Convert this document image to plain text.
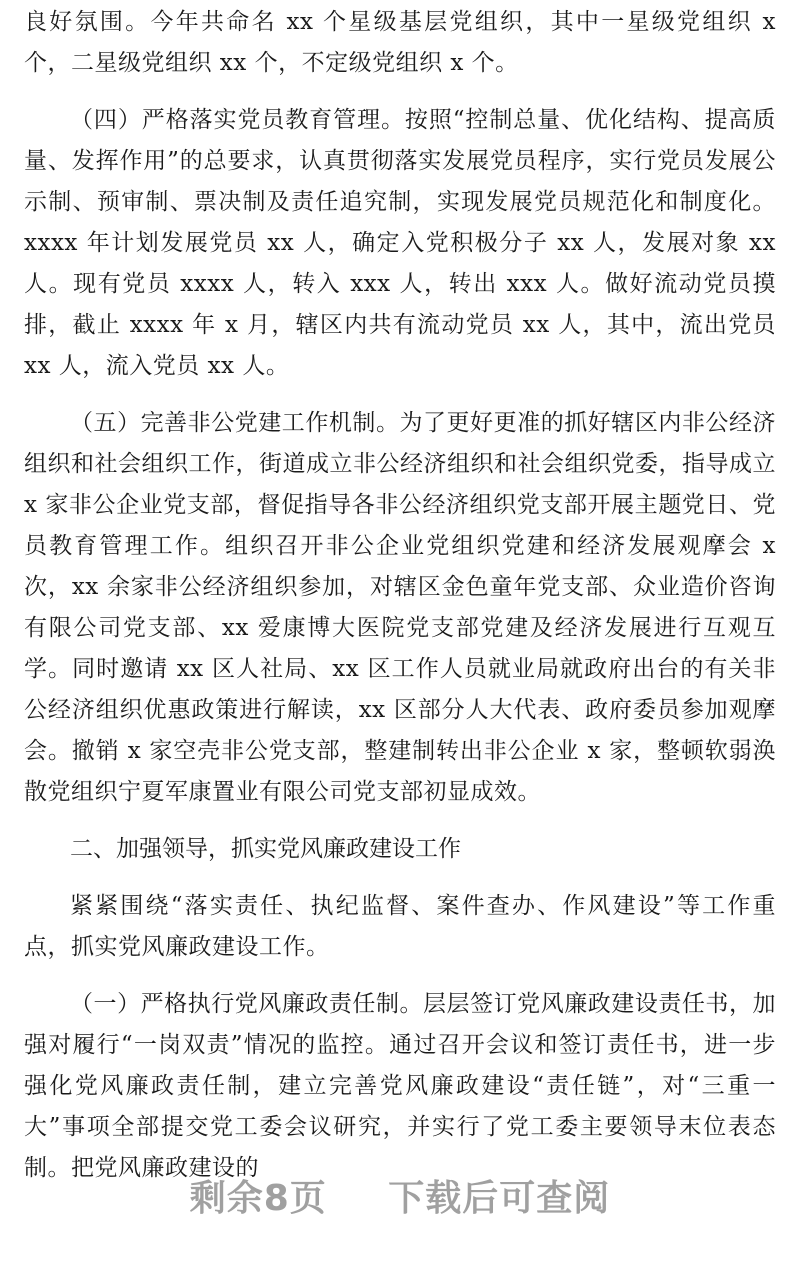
​

良好氛围。今年共命名 xx 个星级基层党组织，其中一星级党组织 x 个，二星级党组织 xx 个，不定级党组织 x 个。

（四）严格落实党员教育管理。按照“控制总量、优化结构、提高质量、发挥作用”的总要求，认真贯彻落实发展党员程序，实行党员发展公示制、预审制、票决制及责任追究制，实现发展党员规范化和制度化。xxxx 年计划发展党员 xx 人，确定入党积极分子 xx 人，发展对象 xx 人。现有党员 xxxx 人，转入 xxx 人，转出 xxx 人。做好流动党员摸排，截止 xxxx 年 x 月，辖区内共有流动党员 xx 人，其中，流出党员 xx 人，流入党员 xx 人。

（五）完善非公党建工作机制。为了更好更准的抓好辖区内非公经济组织和社会组织工作，街道成立非公经济组织和社会组织党委，指导成立 x 家非公企业党支部，督促指导各非公经济组织党支部开展主题党日、党员教育管理工作。组织召开非公企业党组织党建和经济发展观摩会 x 次，xx 余家非公经济组织参加，对辖区金色童年党支部、众业造价咨询有限公司党支部、xx 爱康博大医院党支部党建及经济发展进行互观互学。同时邀请 xx 区人社局、xx 区工作人员就业局就政府出台的有关非公经济组织优惠政策进行解读，xx 区部分人大代表、政府委员参加观摩会。撤销 x 家空壳非公党支部，整建制转出非公企业 x 家，整顿软弱涣散党组织宁夏军康置业有限公司党支部初显成效。

二、加强领导，抓实党风廉政建设工作

紧紧围绕“落实责任、执纪监督、案件查办、作风建设”等工作重点，抓实党风廉政建设工作。

（一）严格执行党风廉政责任制。层层签订党风廉政建设责任书，加强对履行“一岗双责”情况的监控。通过召开会议和签订责任书，进一步强化党风廉政责任制，建立完善党风廉政建设“责任链”，对“三重一大”事项全部提交党工委会议研究，并实行了党工委主要领导末位表态制。把党风廉政建设的

剩余8页 下载后可查阅
